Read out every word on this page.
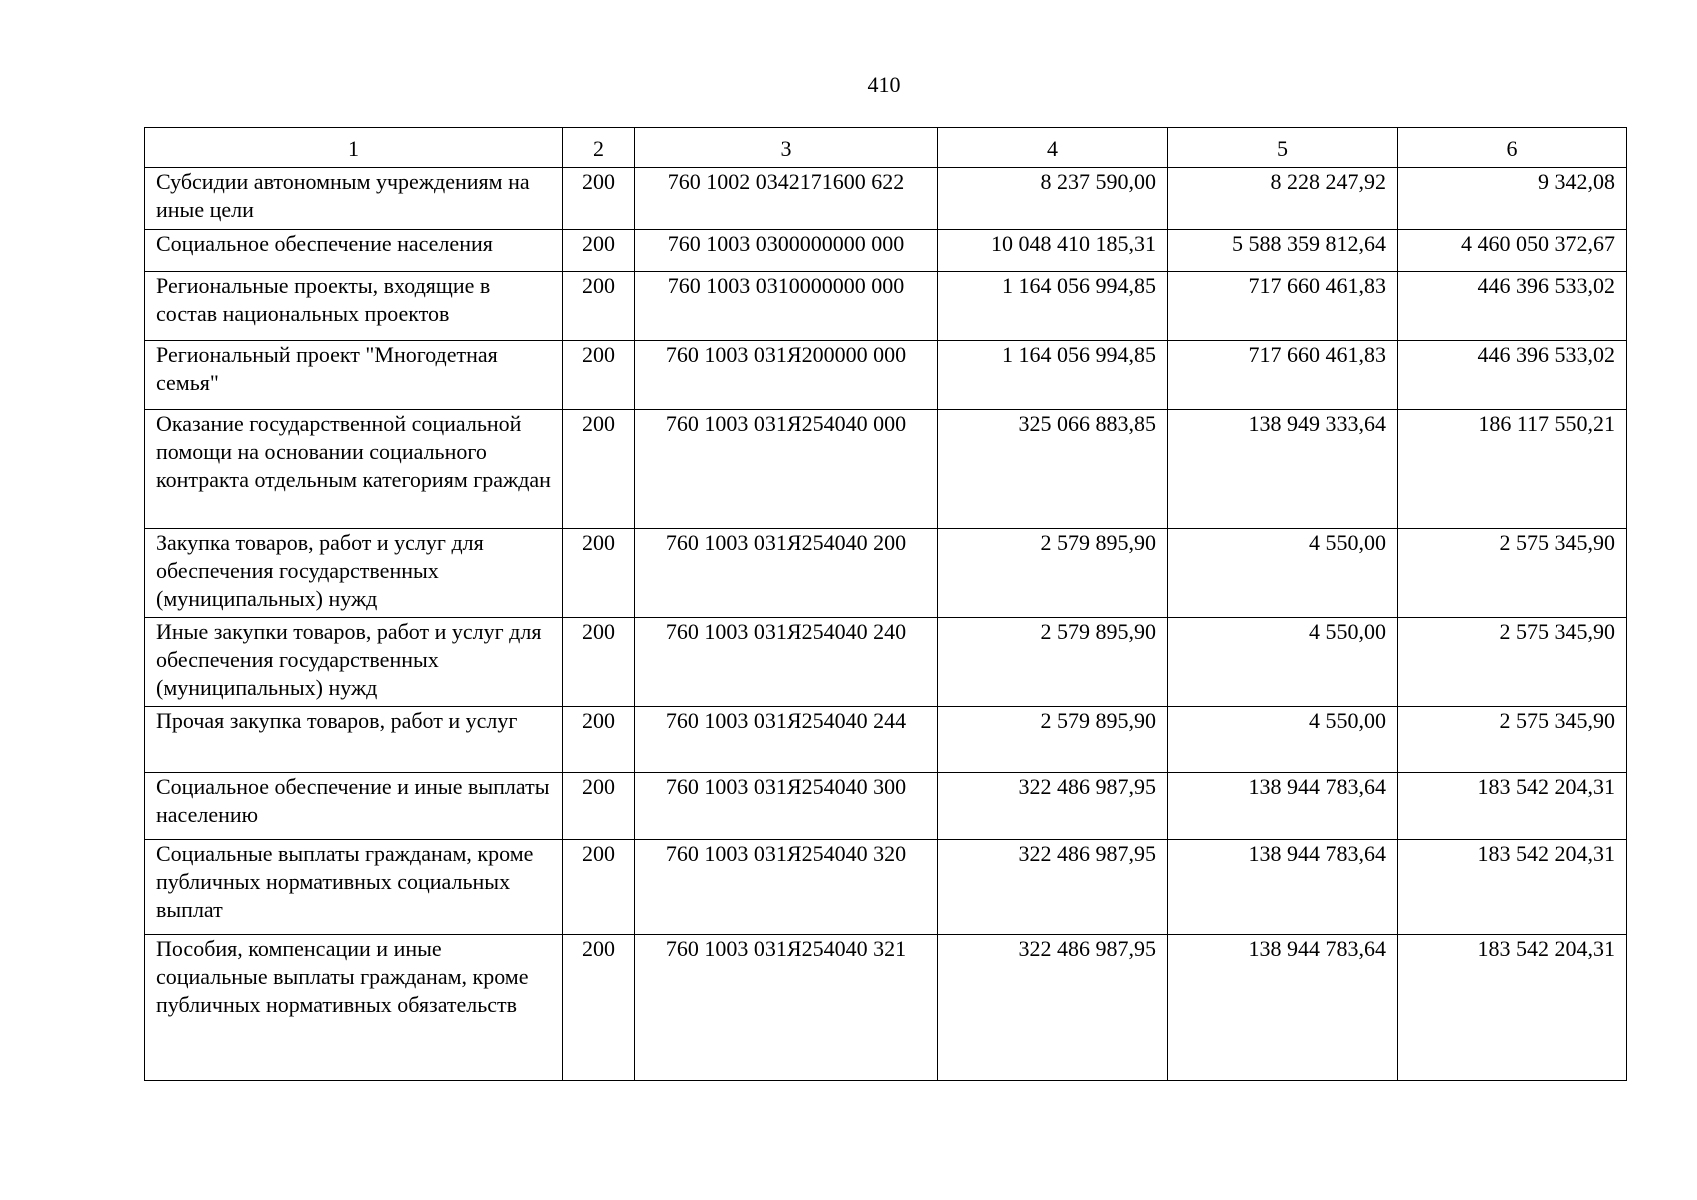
410
1	2	3	4	5	6
Субсидии автономным учреждениям на иные цели	200	760 1002 0342171600 622	8 237 590,00	8 228 247,92	9 342,08
Социальное обеспечение населения	200	760 1003 0300000000 000	10 048 410 185,31	5 588 359 812,64	4 460 050 372,67
Региональные проекты, входящие в состав национальных проектов	200	760 1003 0310000000 000	1 164 056 994,85	717 660 461,83	446 396 533,02
Региональный проект "Многодетная семья"	200	760 1003 031Я200000 000	1 164 056 994,85	717 660 461,83	446 396 533,02
Оказание государственной социальной помощи на основании социального контракта отдельным категориям граждан	200	760 1003 031Я254040 000	325 066 883,85	138 949 333,64	186 117 550,21
Закупка товаров, работ и услуг для обеспечения государственных (муниципальных) нужд	200	760 1003 031Я254040 200	2 579 895,90	4 550,00	2 575 345,90
Иные закупки товаров, работ и услуг для обеспечения государственных (муниципальных) нужд	200	760 1003 031Я254040 240	2 579 895,90	4 550,00	2 575 345,90
Прочая закупка товаров, работ и услуг	200	760 1003 031Я254040 244	2 579 895,90	4 550,00	2 575 345,90
Социальное обеспечение и иные выплаты населению	200	760 1003 031Я254040 300	322 486 987,95	138 944 783,64	183 542 204,31
Социальные выплаты гражданам, кроме публичных нормативных социальных выплат	200	760 1003 031Я254040 320	322 486 987,95	138 944 783,64	183 542 204,31
Пособия, компенсации и иные социальные выплаты гражданам, кроме публичных нормативных обязательств	200	760 1003 031Я254040 321	322 486 987,95	138 944 783,64	183 542 204,31
